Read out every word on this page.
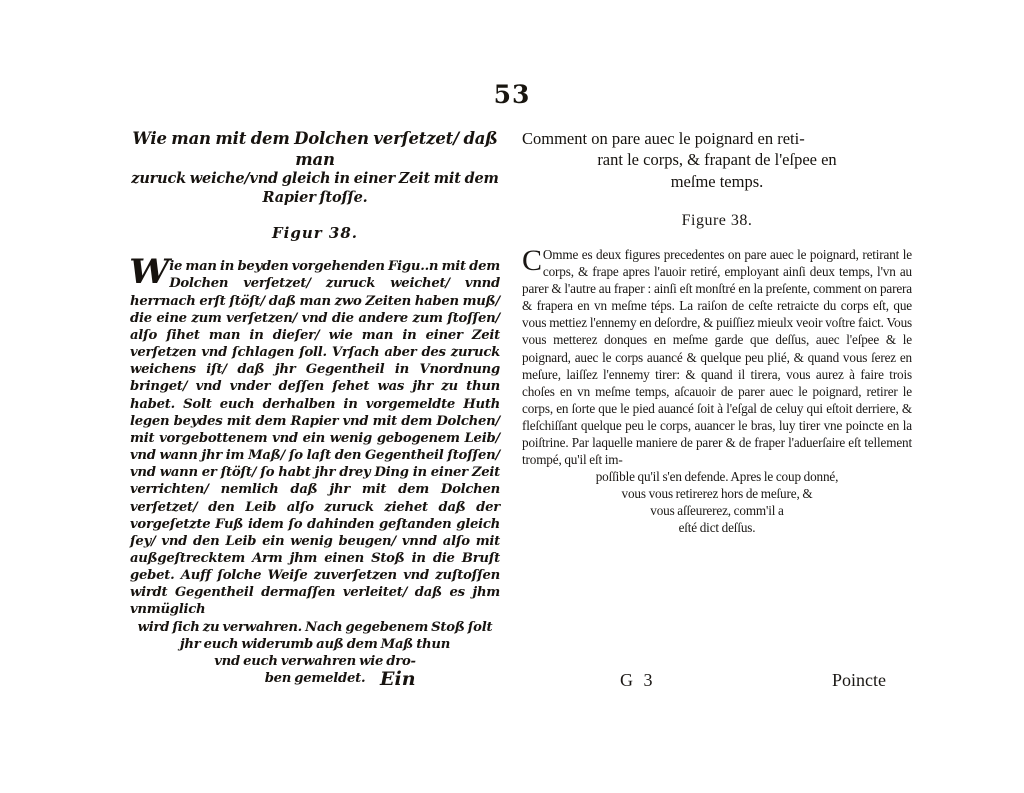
53
Wie man mit dem Dolchen verſetzet/ daß man
zuruck weiche/vnd gleich in einer Zeit mit dem
Rapier ſtoſſe.
Figur 38.

Wie man in beyden vorgehenden Figu..n mit dem Dolchen verſetzet/ zuruck weichet/ vnnd herrnach erſt ſtöſt/ daß man zwo Zeiten haben muß/ die eine zum verſetzen/ vnd die andere zum ſtoſſen/ alſo ſihet man in dieſer/ wie man in einer Zeit verſetzen vnd ſchlagen ſoll. Vrſach aber des zuruck weichens iſt/ daß jhr Gegentheil in Vnordnung bringet/ vnd vnder deſſen ſehet was jhr zu thun habet. Solt euch derhalben in vorgemeldte Huth legen beydes mit dem Rapier vnd mit dem Dolchen/ mit vorgebottenem vnd ein wenig gebogenem Leib/ vnd wann jhr im Maß/ ſo laſt den Gegentheil ſtoſſen/ vnd wann er ſtöſt/ ſo habt jhr drey Ding in einer Zeit verrichten/ nemlich daß jhr mit dem Dolchen verſetzet/ den Leib alſo zuruck ziehet daß der vorgeſetzte Fuß idem ſo dahinden geſtanden gleich ſey/ vnd den Leib ein wenig beugen/ vnnd alſo mit außgeſtrecktem Arm jhm einen Stoß in die Bruſt gebet. Auff ſolche Weiſe zuverſetzen vnd zuſtoſſen wirdt Gegentheil dermaſſen verleitet/ daß es jhm vnmüglich

wird ſich zu verwahren. Nach gegebenem Stoß ſolt

jhr euch widerumb auß dem Maß thun

vnd euch verwahren wie dro-

ben gemeldet.

Comment on pare auec le poignard en reti-
rant le corps, & frapant de l'eſpee en
meſme temps.
Figure 38.

C Omme es deux figures precedentes on pare auec le poignard, retirant le corps, & frape apres l'auoir retiré, employant ainſi deux temps, l'vn au parer & l'autre au fraper : ainſi eſt monſtré en la preſente, comment on parera & frapera en vn meſme téps. La raiſon de ceſte retraicte du corps eſt, que vous mettiez l'ennemy en deſordre, & puiſſiez mieulx veoir voſtre faict. Vous vous metterez donques en meſme garde que deſſus, auec l'eſpee & le poignard, auec le corps auancé & quelque peu plié, & quand vous ſerez en meſure, laiſſez l'ennemy tirer: & quand il tirera, vous aurez à faire trois choſes en vn meſme temps, aſcauoir de parer auec le poignard, retirer le corps, en ſorte que le pied auancé ſoit à l'eſgal de celuy qui eſtoit derriere, & fleſchiſſant quelque peu le corps, auancer le bras, luy tirer vne poincte en la poiſtrine. Par laquelle maniere de parer & de fraper l'aduerſaire eſt tellement trompé, qu'il eſt im-

poſſible qu'il s'en defende. Apres le coup donné,

vous vous retirerez hors de meſure, &

vous aſſeurerez, comm'il a

eſté dict deſſus.

Ein	G 3	Poincte
